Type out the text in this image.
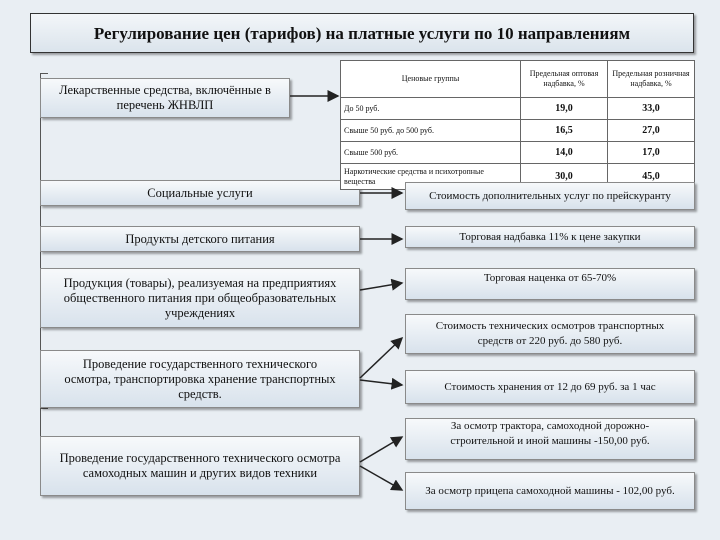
Регулирование цен (тарифов) на платные услуги по 10 направлениям
Лекарственные средства, включённые в перечень ЖНВЛП
Социальные услуги
Продукты детского питания
Продукция (товары), реализуемая на предприятиях общественного питания при общеобразовательных учреждениях
Проведение государственного технического осмотра, транспортировка хранение транспортных средств.
Проведение государственного технического осмотра самоходных машин и других видов техники
Ценовые группы	Предельная оптовая надбавка, %	Предельная розничная надбавка, %
До 50 руб.	19,0	33,0
Свыше 50 руб. до 500 руб.	16,5	27,0
Свыше 500 руб.	14,0	17,0
Наркотические средства и психотропные вещества	30,0	45,0
Стоимость дополнительных услуг по прейскуранту
Торговая надбавка 11% к цене закупки
Торговая наценка от 65-70%
Стоимость технических осмотров транспортных средств от 220 руб. до 580 руб.
Стоимость хранения от 12 до 69 руб. за 1 час
За осмотр трактора, самоходной дорожно-строительной и иной машины -150,00 руб.
За осмотр прицепа самоходной машины - 102,00 руб.
